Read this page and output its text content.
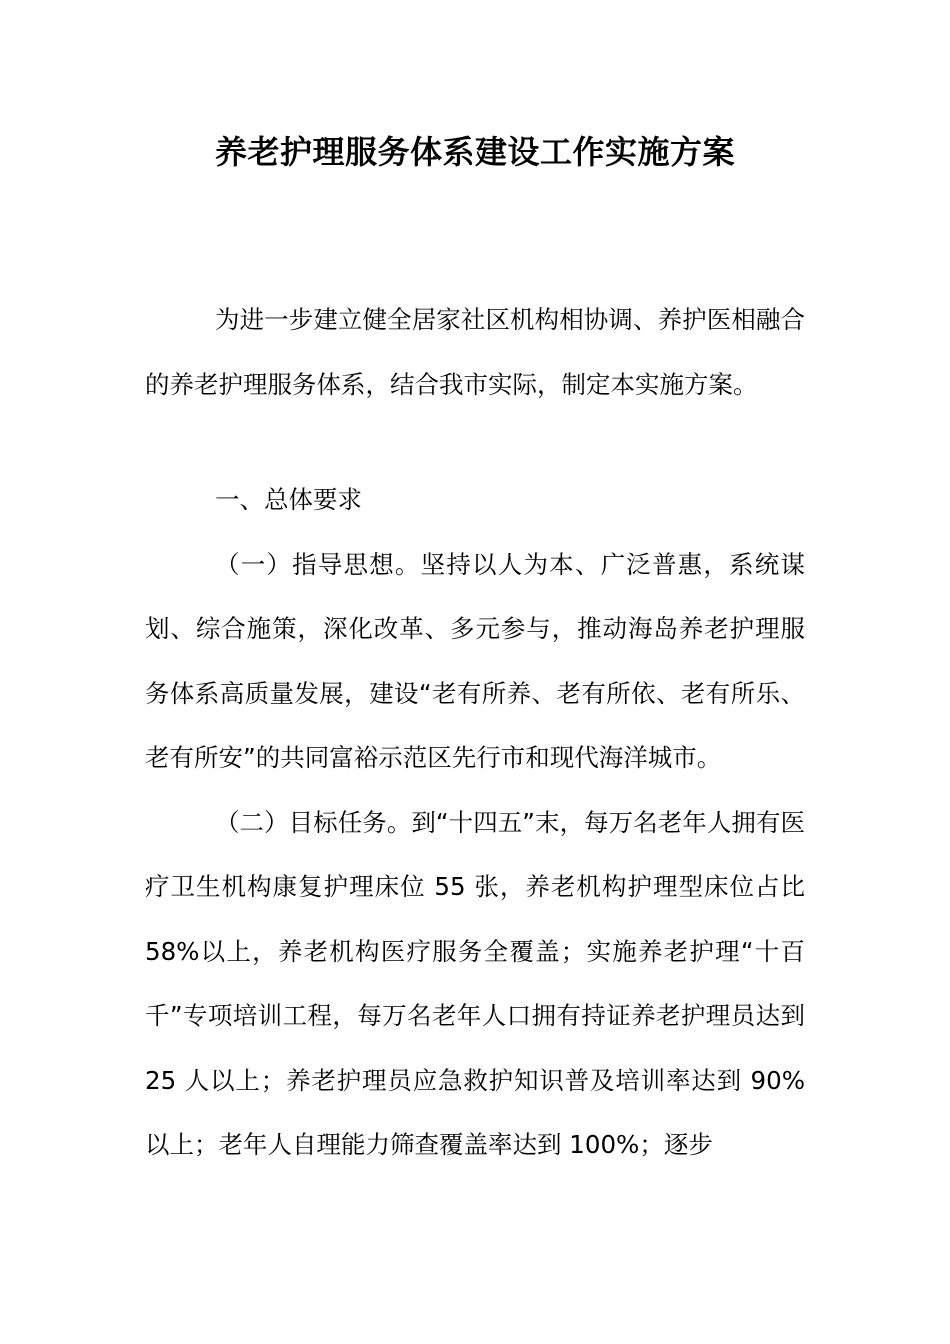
养老护理服务体系建设工作实施方案

为进一步建立健全居家社区机构相协调、养护医相融合的养老护理服务体系，结合我市实际，制定本实施方案。

一、总体要求

（一）指导思想。坚持以人为本、广泛普惠，系统谋划、综合施策，深化改革、多元参与，推动海岛养老护理服务体系高质量发展，建设“老有所养、老有所依、老有所乐、老有所安”的共同富裕示范区先行市和现代海洋城市。

（二）目标任务。到“十四五”末，每万名老年人拥有医疗卫生机构康复护理床位 55 张，养老机构护理型床位占比 58%以上，养老机构医疗服务全覆盖；实施养老护理“十百千”专项培训工程，每万名老年人口拥有持证养老护理员达到 25 人以上；养老护理员应急救护知识普及培训率达到 90%以上；老年人自理能力筛查覆盖率达到 100%；逐步
